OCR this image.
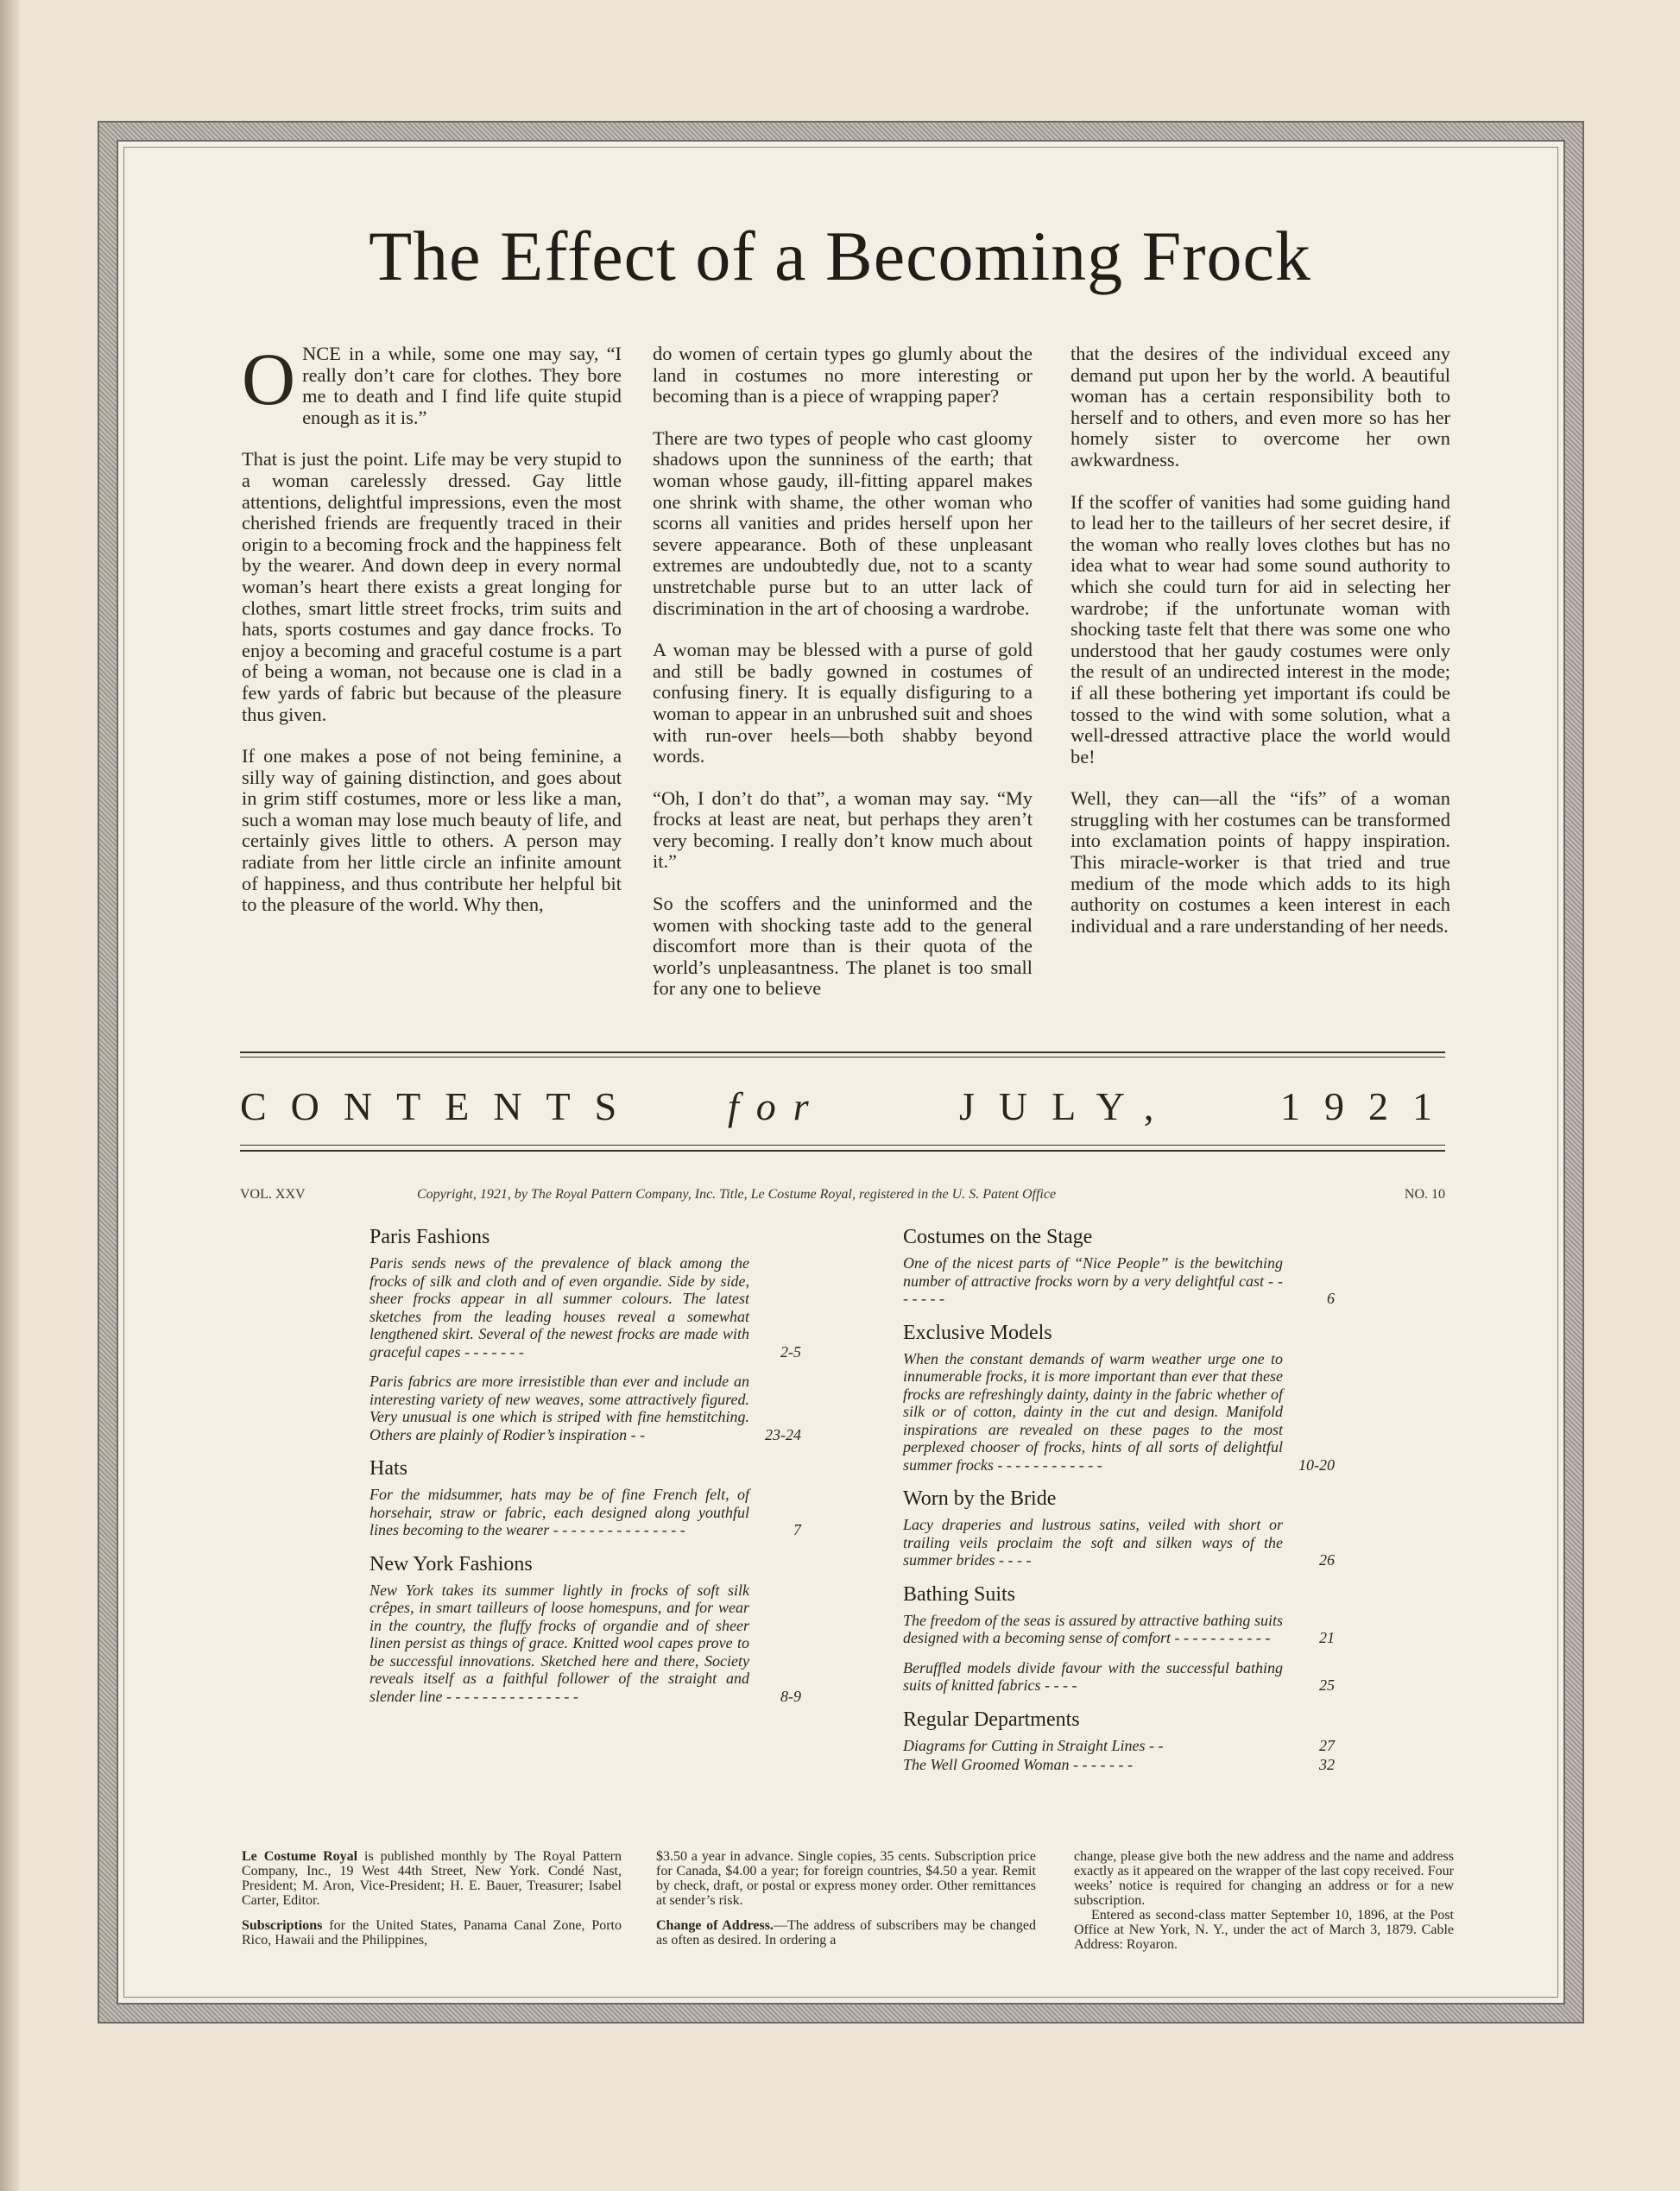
The Effect of a Becoming Frock

ONCE in a while, some one may say, “I really don’t care for clothes. They bore me to death and I find life quite stupid enough as it is.”

That is just the point. Life may be very stupid to a woman carelessly dressed. Gay little attentions, delightful impressions, even the most cherished friends are frequently traced in their origin to a becoming frock and the happiness felt by the wearer. And down deep in every normal woman’s heart there exists a great longing for clothes, smart little street frocks, trim suits and hats, sports costumes and gay dance frocks. To enjoy a becoming and graceful costume is a part of being a woman, not because one is clad in a few yards of fabric but because of the pleasure thus given.

If one makes a pose of not being feminine, a silly way of gaining distinction, and goes about in grim stiff costumes, more or less like a man, such a woman may lose much beauty of life, and certainly gives little to others. A person may radiate from her little circle an infinite amount of happiness, and thus contribute her helpful bit to the pleasure of the world. Why then,

do women of certain types go glumly about the land in costumes no more interesting or becoming than is a piece of wrapping paper?

There are two types of people who cast gloomy shadows upon the sunniness of the earth; that woman whose gaudy, ill-fitting apparel makes one shrink with shame, the other woman who scorns all vanities and prides herself upon her severe appearance. Both of these unpleasant extremes are undoubtedly due, not to a scanty unstretchable purse but to an utter lack of discrimination in the art of choosing a wardrobe.

A woman may be blessed with a purse of gold and still be badly gowned in costumes of confusing finery. It is equally disfiguring to a woman to appear in an unbrushed suit and shoes with run-over heels—both shabby beyond words.

“Oh, I don’t do that”, a woman may say. “My frocks at least are neat, but perhaps they aren’t very becoming. I really don’t know much about it.”

So the scoffers and the uninformed and the women with shocking taste add to the general discomfort more than is their quota of the world’s unpleasantness. The planet is too small for any one to believe

that the desires of the individual exceed any demand put upon her by the world. A beautiful woman has a certain responsibility both to herself and to others, and even more so has her homely sister to overcome her own awkwardness.

If the scoffer of vanities had some guiding hand to lead her to the tailleurs of her secret desire, if the woman who really loves clothes but has no idea what to wear had some sound authority to which she could turn for aid in selecting her wardrobe; if the unfortunate woman with shocking taste felt that there was some one who understood that her gaudy costumes were only the result of an undirected interest in the mode; if all these bothering yet important ifs could be tossed to the wind with some solution, what a well-dressed attractive place the world would be!

Well, they can—all the “ifs” of a woman struggling with her costumes can be transformed into exclamation points of happy inspiration. This miracle-worker is that tried and true medium of the mode which adds to its high authority on costumes a keen interest in each individual and a rare understanding of her needs.

CONTENTS for	JULY,	1921
VOL. XXV	Copyright, 1921, by The Royal Pattern Company, Inc. Title, Le Costume Royal, registered in the U. S. Patent Office	NO. 10
Paris Fashions
Paris sends news of the prevalence of black among the frocks of silk and cloth and of even organdie. Side by side, sheer frocks appear in all summer colours. The latest sketches from the leading houses reveal a somewhat lengthened skirt. Several of the newest frocks are made with graceful capes - - - - - - -	2-5
Paris fabrics are more irresistible than ever and include an interesting variety of new weaves, some attractively figured. Very unusual is one which is striped with fine hemstitching. Others are plainly of Rodier’s inspiration - -	23-24
Hats
For the midsummer, hats may be of fine French felt, of horsehair, straw or fabric, each designed along youthful lines becoming to the wearer - - - - - - - - - - - - - - -	7
New York Fashions
New York takes its summer lightly in frocks of soft silk crêpes, in smart tailleurs of loose homespuns, and for wear in the country, the fluffy frocks of organdie and of sheer linen persist as things of grace. Knitted wool capes prove to be successful innovations. Sketched here and there, Society reveals itself as a faithful follower of the straight and slender line - - - - - - - - - - - - - - -	8-9
Costumes on the Stage
One of the nicest parts of “Nice People” is the bewitching number of attractive frocks worn by a very delightful cast - - - - - - -	6
Exclusive Models
When the constant demands of warm weather urge one to innumerable frocks, it is more important than ever that these frocks are refreshingly dainty, dainty in the fabric whether of silk or of cotton, dainty in the cut and design. Manifold inspirations are revealed on these pages to the most perplexed chooser of frocks, hints of all sorts of delightful summer frocks - - - - - - - - - - - -	10-20
Worn by the Bride
Lacy draperies and lustrous satins, veiled with short or trailing veils proclaim the soft and silken ways of the summer brides - - - -	26
Bathing Suits
The freedom of the seas is assured by attractive bathing suits designed with a becoming sense of comfort - - - - - - - - - - -	21
Beruffled models divide favour with the successful bathing suits of knitted fabrics - - - -	25
Regular Departments
Diagrams for Cutting in Straight Lines - -	27
The Well Groomed Woman - - - - - - -	32

Le Costume Royal is published monthly by The Royal Pattern Company, Inc., 19 West 44th Street, New York. Condé Nast, President; M. Aron, Vice-President; H. E. Bauer, Treasurer; Isabel Carter, Editor.

Subscriptions for the United States, Panama Canal Zone, Porto Rico, Hawaii and the Philippines,

$3.50 a year in advance. Single copies, 35 cents. Subscription price for Canada, $4.00 a year; for foreign countries, $4.50 a year. Remit by check, draft, or postal or express money order. Other remittances at sender’s risk.

Change of Address.—The address of subscribers may be changed as often as desired. In ordering a

change, please give both the new address and the name and address exactly as it appeared on the wrapper of the last copy received. Four weeks’ notice is required for changing an address or for a new subscription.

Entered as second-class matter September 10, 1896, at the Post Office at New York, N. Y., under the act of March 3, 1879. Cable Address: Royaron.
